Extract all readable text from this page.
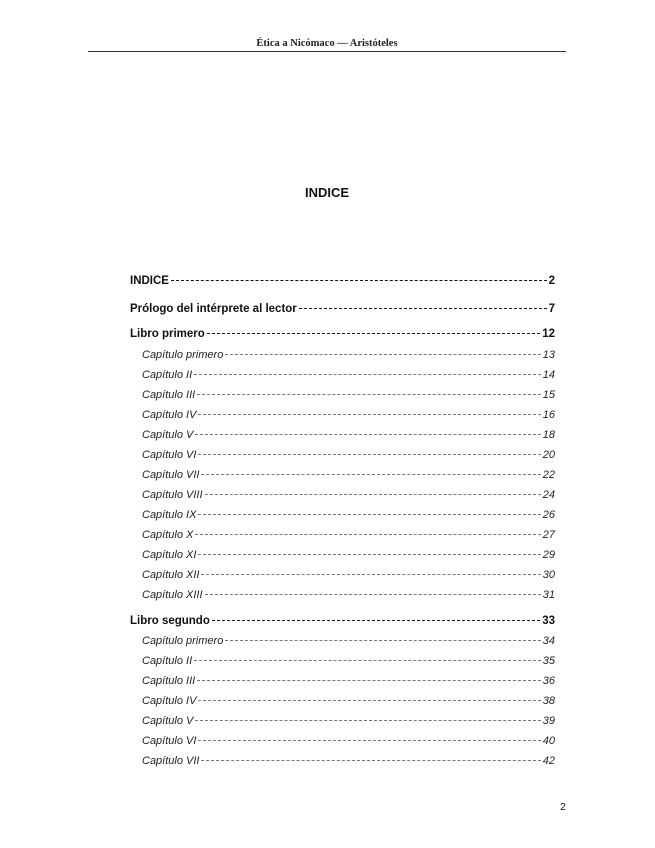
Ética a Nicómaco — Aristóteles
INDICE
INDICE	2
Prólogo del intérprete al lector	7
Libro primero	12
Capítulo primero	13
Capítulo II	14
Capítulo III	15
Capítulo IV	16
Capítulo V	18
Capítulo VI	20
Capítulo VII	22
Capítulo VIII	24
Capítulo IX	26
Capítulo X	27
Capítulo XI	29
Capítulo XII	30
Capítulo XIII	31
Libro segundo	33
Capítulo primero	34
Capítulo II	35
Capítulo III	36
Capítulo IV	38
Capítulo V	39
Capítulo VI	40
Capítulo VII	42
2
